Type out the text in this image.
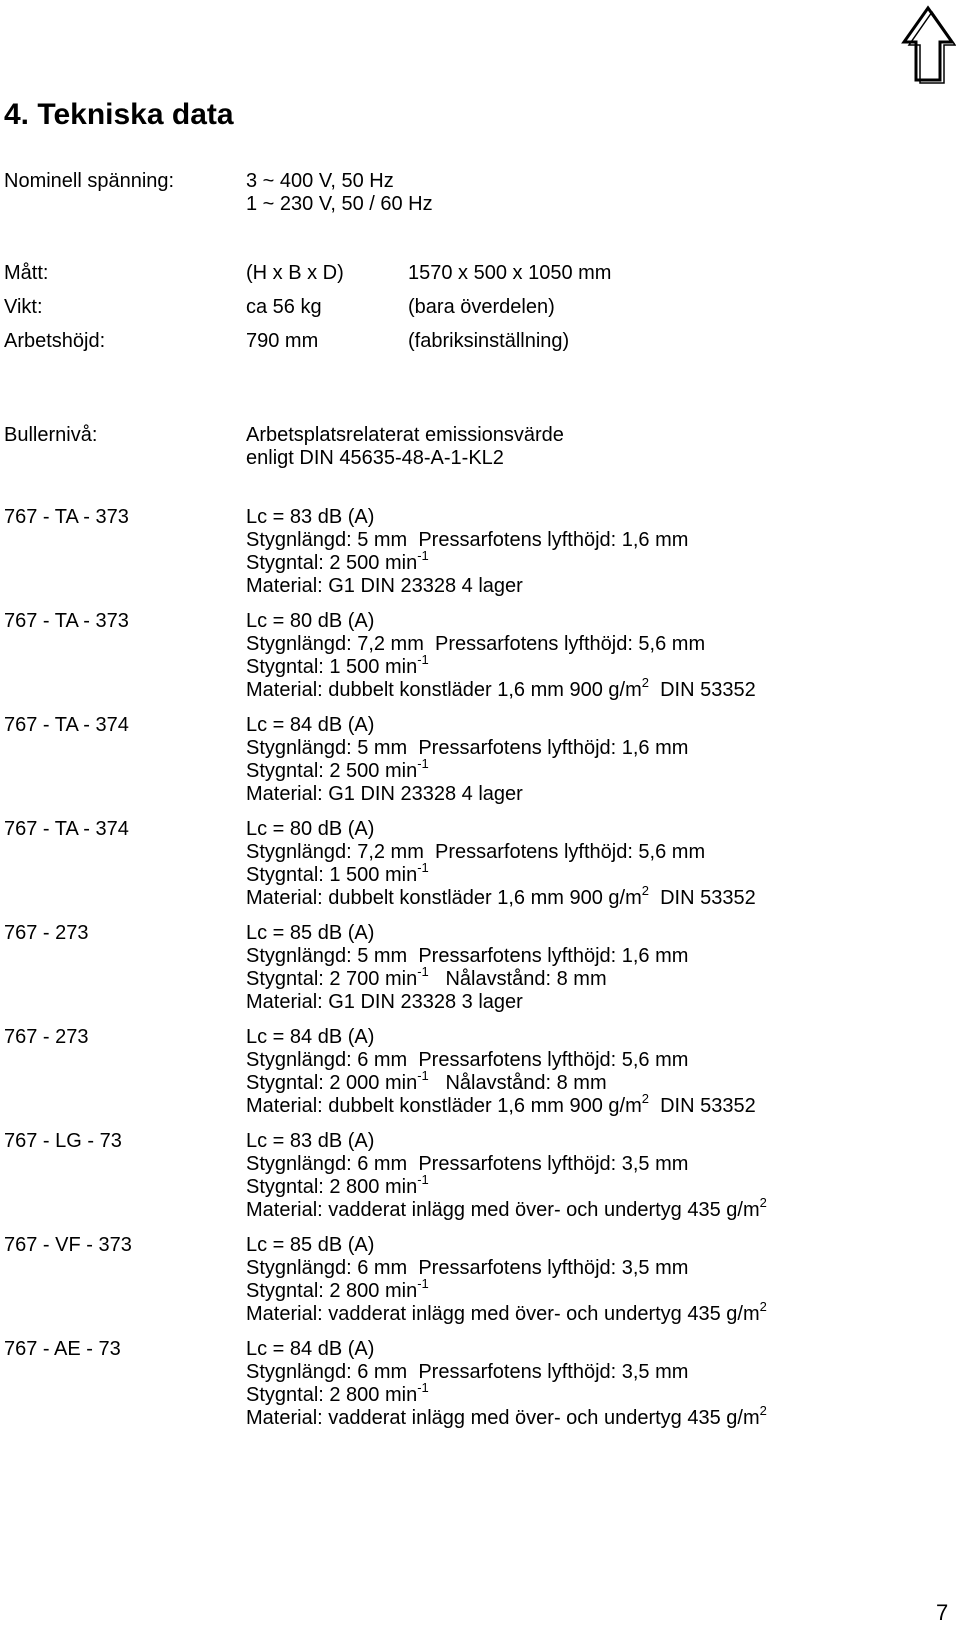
4. Tekniska data
Nominell spänning:	3 ~ 400 V, 50 Hz
1 ~ 230 V, 50 / 60 Hz
Mått:	(H x B x D)	1570 x 500 x 1050 mm
Vikt:	ca 56 kg	(bara överdelen)
Arbetshöjd:	790 mm	(fabriksinställning)
Bullernivå:	Arbetsplatsrelaterat emissionsvärde
enligt DIN 45635-48-A-1-KL2
767 - TA - 373	Lc = 83 dB (A)
Stygnlängd: 5 mm Pressarfotens lyfthöjd: 1,6 mm
Stygntal: 2 500 $\min^{-1}$
Material: G1 DIN 23328 4 lager
767 - TA - 373	Lc = 80 dB (A)
Stygnlängd: 7,2 mm Pressarfotens lyfthöjd: 5,6 mm
Stygntal: 1 500 $\min^{-1}$
Material: dubbelt konstläder 1,6 mm 900 $g/m^2$  DIN 53352
767 - TA - 374	Lc = 84 dB (A)
Stygnlängd: 5 mm Pressarfotens lyfthöjd: 1,6 mm
Stygntal: 2 500 $\min^{-1}$
Material: G1 DIN 23328 4 lager
767 - TA - 374	Lc = 80 dB (A)
Stygnlängd: 7,2 mm Pressarfotens lyfthöjd: 5,6 mm
Stygntal: 1 500 $\min^{-1}$
Material: dubbelt konstläder 1,6 mm 900 $g/m^2$  DIN 53352
767 - 273	Lc = 85 dB (A)
Stygnlängd: 5 mm Pressarfotens lyfthöjd: 1,6 mm
Stygntal: 2 700 $\min^{-1}$ Nålavstånd: 8 mm
Material: G1 DIN 23328 3 lager
767 - 273	Lc = 84 dB (A)
Stygnlängd: 6 mm Pressarfotens lyfthöjd: 5,6 mm
Stygntal: 2 000 $\min^{-1}$ Nålavstånd: 8 mm
Material: dubbelt konstläder 1,6 mm 900 $g/m^2$  DIN 53352
767 - LG - 73	Lc = 83 dB (A)
Stygnlängd: 6 mm Pressarfotens lyfthöjd: 3,5 mm
Stygntal: 2 800 $\min^{-1}$
Material: vadderat inlägg med över- och undertyg 435 $g/m^2$
767 - VF - 373	Lc = 85 dB (A)
Stygnlängd: 6 mm Pressarfotens lyfthöjd: 3,5 mm
Stygntal: 2 800 $\min^{-1}$
Material: vadderat inlägg med över- och undertyg 435 $g/m^2$
767 - AE - 73	Lc = 84 dB (A)
Stygnlängd: 6 mm Pressarfotens lyfthöjd: 3,5 mm
Stygntal: 2 800 $\min^{-1}$
Material: vadderat inlägg med över- och undertyg 435 $g/m^2$
7
